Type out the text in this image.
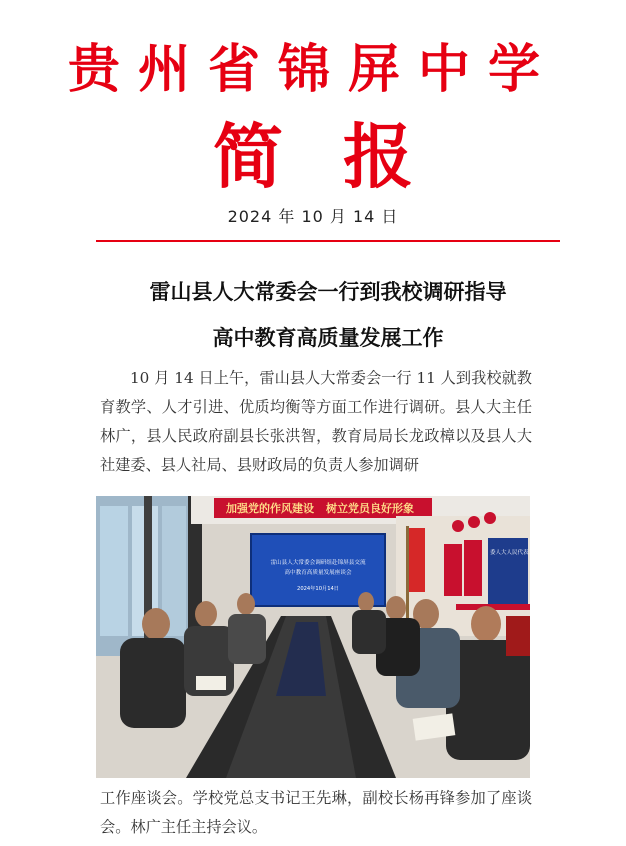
贵州省锦屏中学
简报
2024 年 10 月 14 日
雷山县人大常委会一行到我校调研指导
高中教育高质量发展工作
10 月 14 日上午，雷山县人大常委会一行 11 人到我校就教育教学、人才引进、优质均衡等方面工作进行调研。县人大主任林广，县人民政府副县长张洪智，教育局局长龙政樟以及县人大社建委、县人社局、县财政局的负责人参加调研
加强党的作风建设 树立党员良好形象
委人大人民代表大会常务委员会
雷山县人大常委会调研组赴锦屏县交流
高中教育高质量发展座谈会
2024年10月14日
工作座谈会。学校党总支书记王先琳，副校长杨再锋参加了座谈会。林广主任主持会议。
